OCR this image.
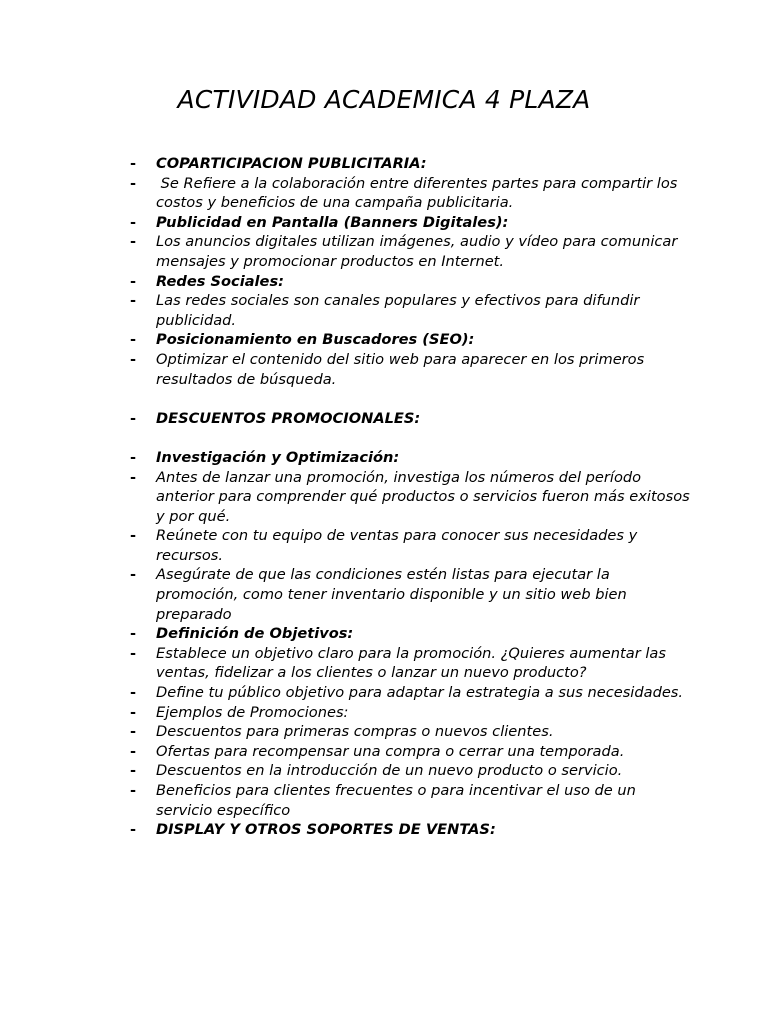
ACTIVIDAD ACADEMICA 4 PLAZA
- COPARTICIPACION PUBLICITARIA:
- Se Refiere a la colaboración entre diferentes partes para compartir los costos y beneficios de una campaña publicitaria.
- Publicidad en Pantalla (Banners Digitales):
- Los anuncios digitales utilizan imágenes, audio y vídeo para comunicar mensajes y promocionar productos en Internet.
- Redes Sociales:
- Las redes sociales son canales populares y efectivos para difundir publicidad.
- Posicionamiento en Buscadores (SEO):
- Optimizar el contenido del sitio web para aparecer en los primeros resultados de búsqueda.
- DESCUENTOS PROMOCIONALES:
- Investigación y Optimización:
- Antes de lanzar una promoción, investiga los números del período anterior para comprender qué productos o servicios fueron más exitosos y por qué.
- Reúnete con tu equipo de ventas para conocer sus necesidades y recursos.
- Asegúrate de que las condiciones estén listas para ejecutar la promoción, como tener inventario disponible y un sitio web bien preparado
- Definición de Objetivos:
- Establece un objetivo claro para la promoción. ¿Quieres aumentar las ventas, fidelizar a los clientes o lanzar un nuevo producto?
- Define tu público objetivo para adaptar la estrategia a sus necesidades.
- Ejemplos de Promociones:
- Descuentos para primeras compras o nuevos clientes.
- Ofertas para recompensar una compra o cerrar una temporada.
- Descuentos en la introducción de un nuevo producto o servicio.
- Beneficios para clientes frecuentes o para incentivar el uso de un servicio específico
- DISPLAY Y OTROS SOPORTES DE VENTAS:
